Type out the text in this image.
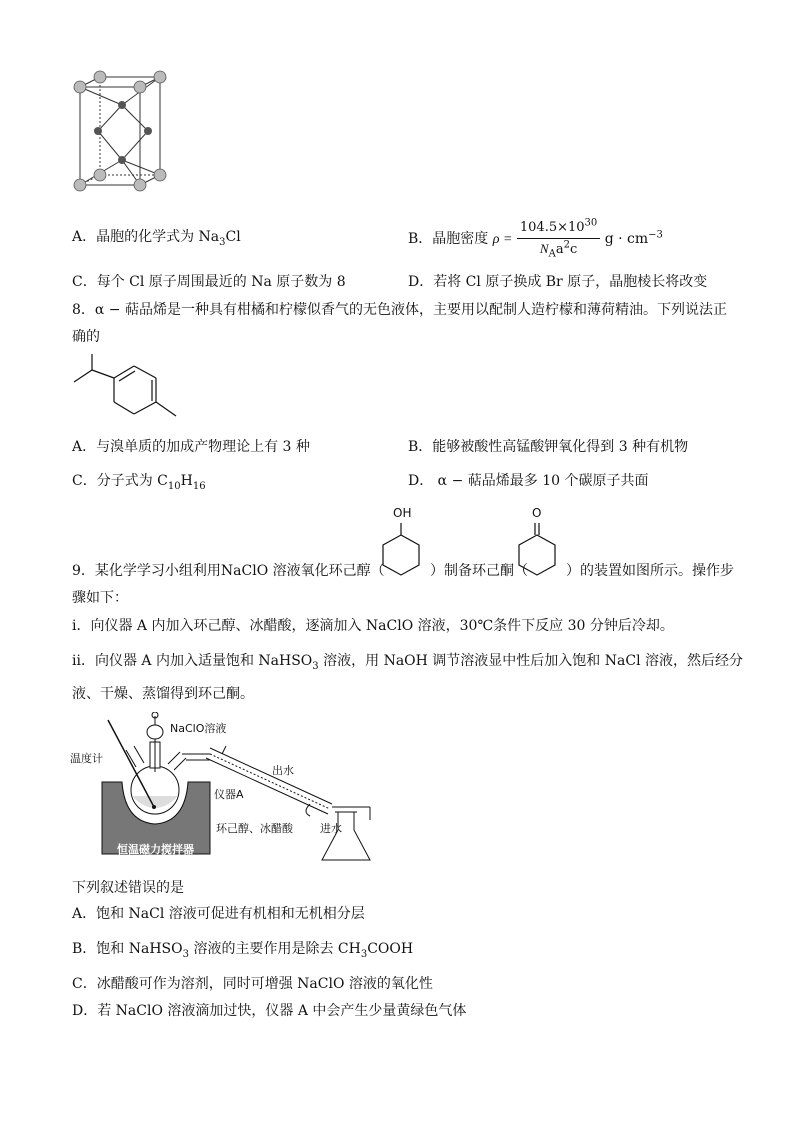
A．晶胞的化学式为 $Na_3Cl$	B．晶胞密度 $\rho = \frac{104.5\times 10^{30}}{N_Aa^2c}$ $g \cdot cm^{-3}$
C．每个 Cl 原子周围最近的 Na 原子数为 8	D．若将 Cl 原子换成 Br 原子，晶胞棱长将改变
8．α − 萜品烯是一种具有柑橘和柠檬似香气的无色液体，主要用以配制人造柠檬和薄荷精油。下列说法正
确的
A．与溴单质的加成产物理论上有 3 种	B．能够被酸性高锰酸钾氧化得到 3 种有机物
C．分子式为 $C_{10}H_{16}$	D． α − 萜品烯最多 10 个碳原子共面
9．某化学学习小组利用NaClO 溶液氧化环己醇（
OH
）制备环己酮（
O
）的装置如图所示。操作步
骤如下：
ⅰ．向仪器 A 内加入环己醇、冰醋酸，逐滴加入 NaClO 溶液，30℃条件下反应 30 分钟后冷却。
ⅱ．向仪器 A 内加入适量饱和 NaHSO$_3$ 溶液，用 NaOH 调节溶液显中性后加入饱和 NaCl 溶液，然后经分
液、干燥、蒸馏得到环己酮。
NaClO溶液
温度计
出水
仪器A
进水
环己醇、冰醋酸
恒温磁力搅拌器
下列叙述错误的是
A．饱和 NaCl 溶液可促进有机相和无机相分层
B．饱和 NaHSO$_3$ 溶液的主要作用是除去 $CH_3COOH$
C．冰醋酸可作为溶剂，同时可增强 NaClO 溶液的氧化性
D．若 NaClO 溶液滴加过快，仪器 A 中会产生少量黄绿色气体
